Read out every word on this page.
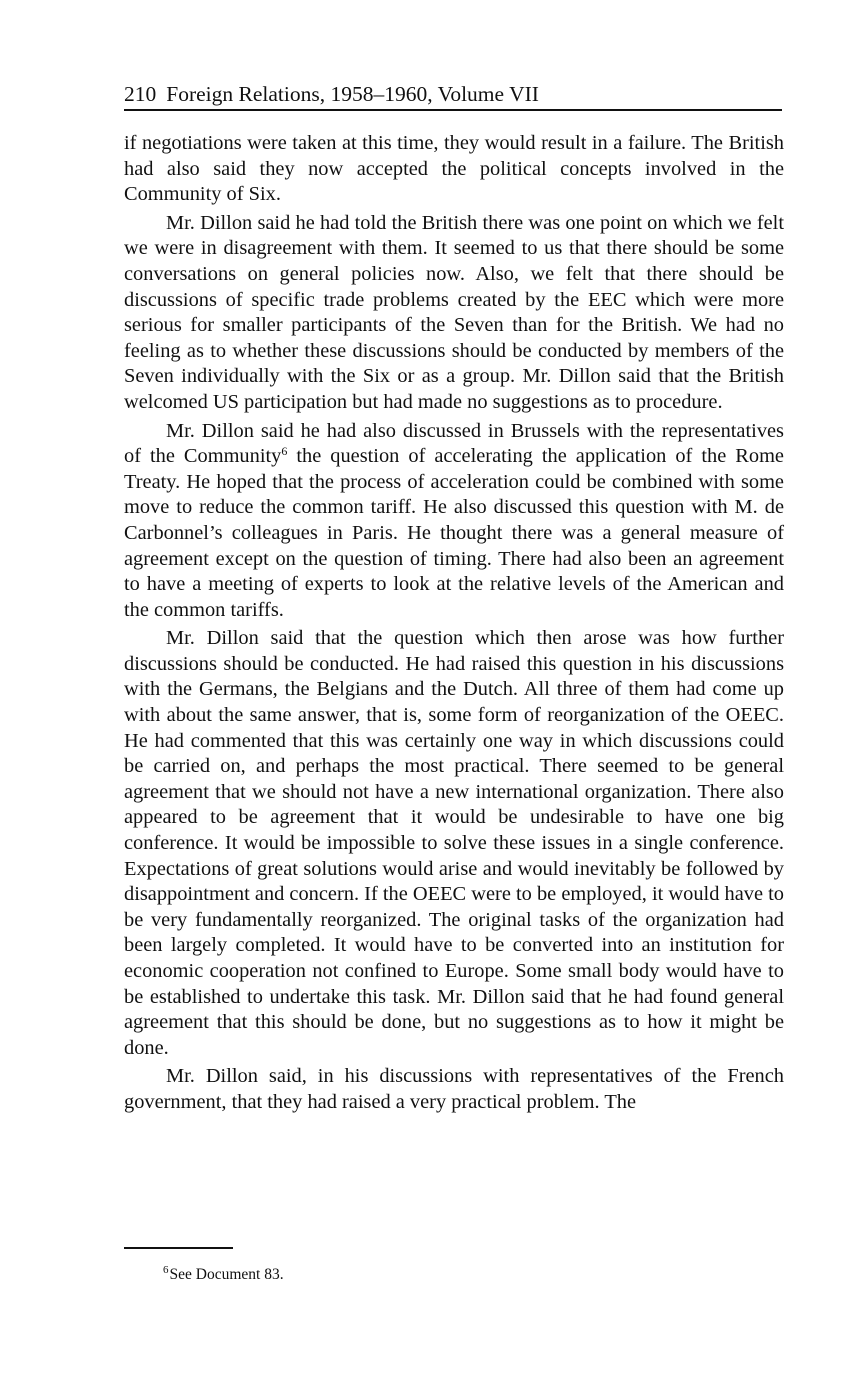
210 Foreign Relations, 1958–1960, Volume VII

if negotiations were taken at this time, they would result in a failure. The British had also said they now accepted the political concepts involved in the Community of Six.

Mr. Dillon said he had told the British there was one point on which we felt we were in disagreement with them. It seemed to us that there should be some conversations on general policies now. Also, we felt that there should be discussions of specific trade problems created by the EEC which were more serious for smaller participants of the Seven than for the British. We had no feeling as to whether these discussions should be conducted by members of the Seven individually with the Six or as a group. Mr. Dillon said that the British welcomed US participation but had made no suggestions as to procedure.

Mr. Dillon said he had also discussed in Brussels with the representatives of the Community$^6$ the question of accelerating the application of the Rome Treaty. He hoped that the process of acceleration could be combined with some move to reduce the common tariff. He also discussed this question with M. de Carbonnel’s colleagues in Paris. He thought there was a general measure of agreement except on the question of timing. There had also been an agreement to have a meeting of experts to look at the relative levels of the American and the common tariffs.

Mr. Dillon said that the question which then arose was how further discussions should be conducted. He had raised this question in his discussions with the Germans, the Belgians and the Dutch. All three of them had come up with about the same answer, that is, some form of reorganization of the OEEC. He had commented that this was certainly one way in which discussions could be carried on, and perhaps the most practical. There seemed to be general agreement that we should not have a new international organization. There also appeared to be agreement that it would be undesirable to have one big conference. It would be impossible to solve these issues in a single conference. Expectations of great solutions would arise and would inevitably be followed by disappointment and concern. If the OEEC were to be employed, it would have to be very fundamentally reorganized. The original tasks of the organization had been largely completed. It would have to be converted into an institution for economic cooperation not confined to Europe. Some small body would have to be established to undertake this task. Mr. Dillon said that he had found general agreement that this should be done, but no suggestions as to how it might be done.

Mr. Dillon said, in his discussions with representatives of the French government, that they had raised a very practical problem. The

$^6$See Document 83.
